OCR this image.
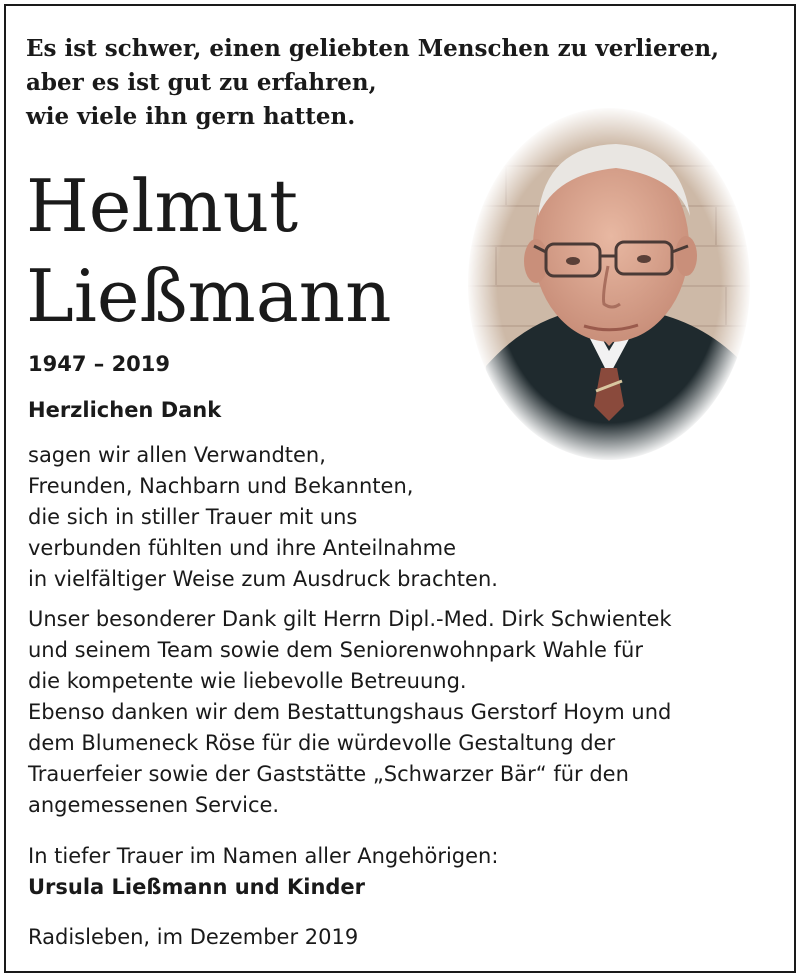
Es ist schwer, einen geliebten Menschen zu verlieren,
aber es ist gut zu erfahren,
wie viele ihn gern hatten.
Helmut
Ließmann
1947 – 2019
Herzlichen Dank
sagen wir allen Verwandten,
Freunden, Nachbarn und Bekannten,
die sich in stiller Trauer mit uns
verbunden fühlten und ihre Anteilnahme
in vielfältiger Weise zum Ausdruck brachten.
Unser besonderer Dank gilt Herrn Dipl.-Med. Dirk Schwientek
und seinem Team sowie dem Seniorenwohnpark Wahle für
die kompetente wie liebevolle Betreuung.
Ebenso danken wir dem Bestattungshaus Gerstorf Hoym und
dem Blumeneck Röse für die würdevolle Gestaltung der
Trauerfeier sowie der Gaststätte „Schwarzer Bär“ für den
angemessenen Service.
In tiefer Trauer im Namen aller Angehörigen:
Ursula Ließmann und Kinder
Radisleben, im Dezember 2019
